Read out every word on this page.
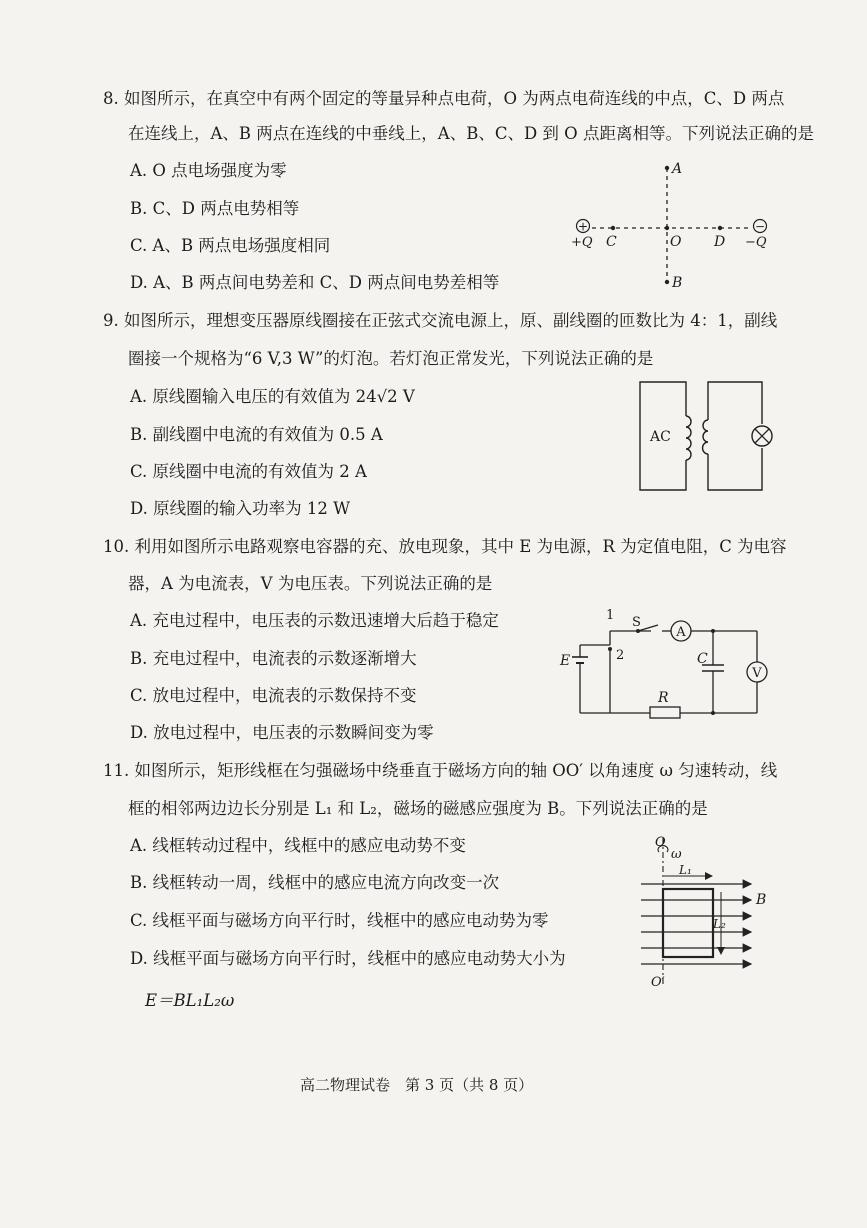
8. 如图所示，在真空中有两个固定的等量异种点电荷，O 为两点电荷连线的中点，C、D 两点
在连线上，A、B 两点在连线的中垂线上，A、B、C、D 到 O 点距离相等。下列说法正确的是
A. O 点电场强度为零
B. C、D 两点电势相等
C. A、B 两点电场强度相同
D. A、B 两点间电势差和 C、D 两点间电势差相等
+	−
A
B
C	O D
+Q	−Q
9. 如图所示，理想变压器原线圈接在正弦式交流电源上，原、副线圈的匝数比为 4：1，副线
圈接一个规格为“6 V,3 W”的灯泡。若灯泡正常发光，下列说法正确的是
A. 原线圈输入电压的有效值为 24√2 V
B. 副线圈中电流的有效值为 0.5 A
C. 原线圈中电流的有效值为 2 A
D. 原线圈的输入功率为 12 W
AC
10. 利用如图所示电路观察电容器的充、放电现象，其中 E 为电源，R 为定值电阻，C 为电容
器，A 为电流表，V 为电压表。下列说法正确的是
A. 充电过程中，电压表的示数迅速增大后趋于稳定
B. 充电过程中，电流表的示数逐渐增大
C. 放电过程中，电流表的示数保持不变
D. 放电过程中，电压表的示数瞬间变为零
A
V
1
2
S
E	C
R
11. 如图所示，矩形线框在匀强磁场中绕垂直于磁场方向的轴 OO′ 以角速度 ω 匀速转动，线
框的相邻两边边长分别是 L₁ 和 L₂，磁场的磁感应强度为 B。下列说法正确的是
A. 线框转动过程中，线框中的感应电动势不变
B. 线框转动一周，线框中的感应电流方向改变一次
C. 线框平面与磁场方向平行时，线框中的感应电动势为零
D. 线框平面与磁场方向平行时，线框中的感应电动势大小为
E＝BL₁L₂ω
O
ω
L₁
L₂
B
O′
高二物理试卷　第 3 页（共 8 页）
